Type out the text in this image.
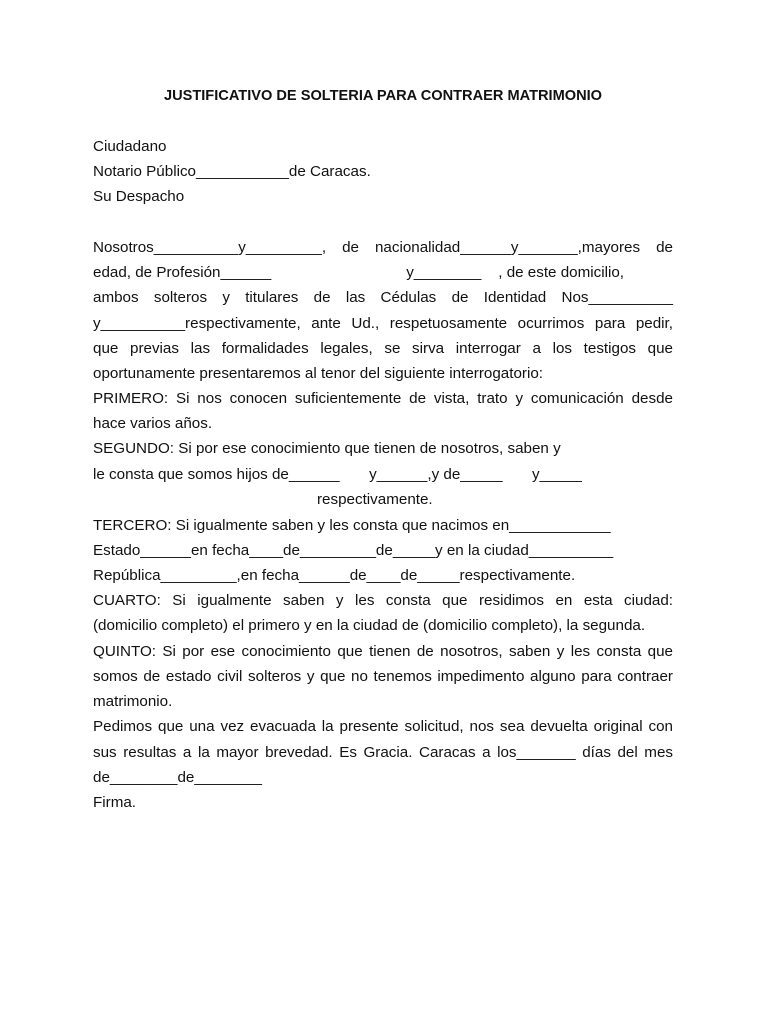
JUSTIFICATIVO DE SOLTERIA PARA CONTRAER MATRIMONIO
Ciudadano
Notario Público___________de Caracas.
Su Despacho
Nosotros__________y_________, de nacionalidad______y_______,mayores de
edad, de Profesión______                                y________    , de este domicilio,
ambos solteros y titulares de las Cédulas de Identidad Nos__________
y__________respectivamente, ante Ud., respetuosamente ocurrimos para pedir,
que previas las formalidades legales, se sirva interrogar a los testigos que
oportunamente presentaremos al tenor del siguiente interrogatorio:
PRIMERO: Si nos conocen suficientemente de vista, trato y comunicación desde
hace varios años.
SEGUNDO: Si por ese conocimiento que tienen de nosotros, saben y
le consta que somos hijos de______       y______,y de_____       y_____
respectivamente.
TERCERO: Si igualmente saben y les consta que nacimos en____________
Estado______en fecha____de_________de_____y en la ciudad__________
República_________,en fecha______de____de_____respectivamente.
CUARTO: Si igualmente saben y les consta que residimos en esta ciudad:
(domicilio completo) el primero y en la ciudad de (domicilio completo), la segunda.
QUINTO: Si por ese conocimiento que tienen de nosotros, saben y les consta que
somos de estado civil solteros y que no tenemos impedimento alguno para contraer
matrimonio.
Pedimos que una vez evacuada la presente solicitud, nos sea devuelta original con
sus resultas a la mayor brevedad. Es Gracia. Caracas a los_______ días del mes
de________de________
Firma.
